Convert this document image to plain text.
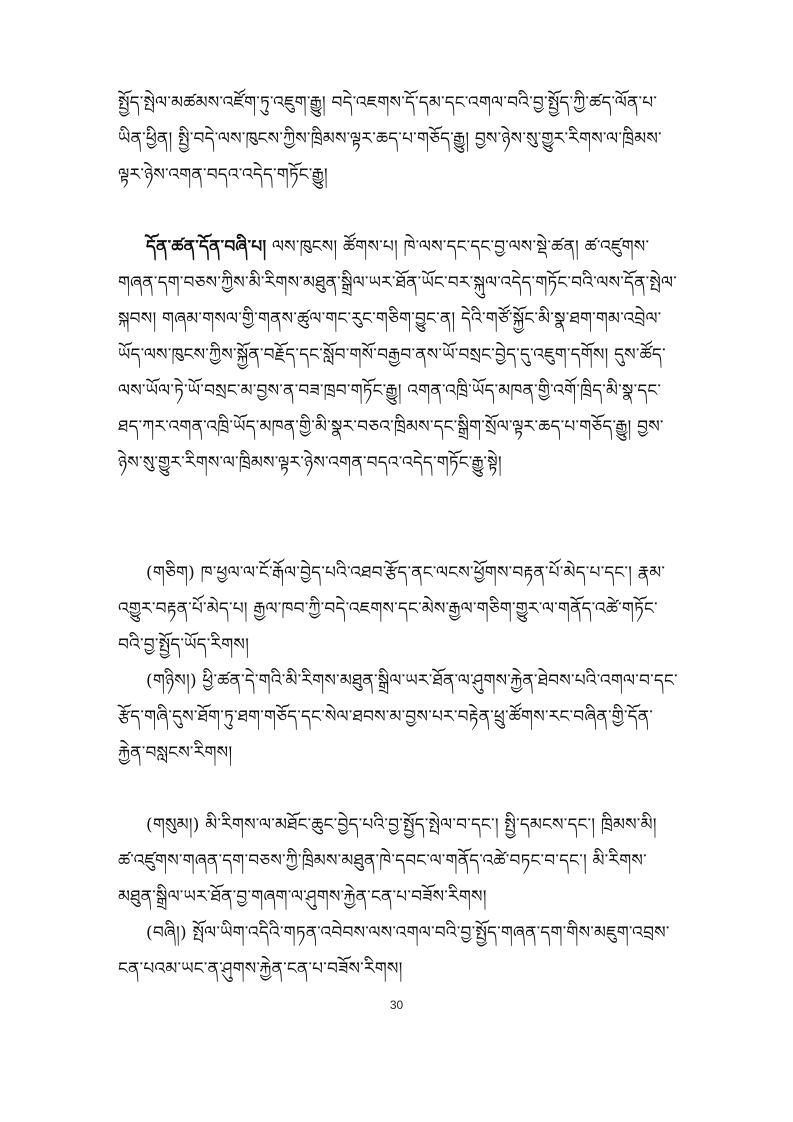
སྤྱོད་སྤེལ་མཚམས་འཛོག་ཏུ་འཇུག་རྒྱུ། བདེ་འཇགས་དོ་དམ་དང་འགལ་བའི་བྱ་སྤྱོད་ཀྱི་ཚད་ལོན་པ་ཡིན་ཕྱིན། སྤྱི་བདེ་ལས་ཁུངས་ཀྱིས་ཁྲིམས་ལྟར་ཆད་པ་གཅོད་རྒྱུ། བྱས་ཉེས་སུ་གྱུར་རིགས་ལ་ཁྲིམས་ལྟར་ཉེས་འགན་བདའ་འདེད་གཏོང་རྒྱུ།

དོན་ཚན་དོན་བཞི་པ། ལས་ཁུངས། ཚོགས་པ། ཁེ་ལས་དང་དང་བྱ་ལས་སྡེ་ཚན། ཚ་འཛུགས་གཞན་དག་བཅས་ཀྱིས་མི་རིགས་མཐུན་སྒྲིལ་ཡར་ཐོན་ཡོང་བར་སྐུལ་འདེད་གཏོང་བའི་ལས་དོན་སྤེལ་སྐབས། གཞམ་གསལ་གྱི་གནས་ཚུལ་གང་རུང་གཅིག་བྱུང་ན། དེའི་གཙོ་སྐྱོང་མི་སྣ་ཐག་གམ་འབྲེལ་ཡོད་ལས་ཁུངས་ཀྱིས་སྐྱོན་བརྗོད་དང་སློབ་གསོ་བརྒྱབ་ནས་ཡོ་བསྲང་བྱེད་དུ་འཇུག་དགོས། དུས་ཚོད་ལས་ཡོལ་ཏེ་ཡོ་བསྲང་མ་བྱས་ན་བཟ་ཁྲབ་གཏོང་རྒྱུ། འགན་འཁྲི་ཡོད་མཁན་གྱི་འགོ་ཁྲིད་མི་སྣ་དང་ཐད་ཀར་འགན་འཁྲི་ཡོད་མཁན་གྱི་མི་སྣར་བཅའ་ཁྲིམས་དང་སྒྲིག་སྲོལ་ལྟར་ཆད་པ་གཅོད་རྒྱུ། བྱས་ཉེས་སུ་གྱུར་རིགས་ལ་ཁྲིམས་ལྟར་ཉེས་འགན་བདའ་འདེད་གཏོང་རྒྱུ་སྟེ།

(གཅིག) ཁ་ཕྱལ་ལ་ངོ་རྒོལ་བྱེད་པའི་འཐབ་རྩོད་ནང་ལངས་ཕྱོགས་བརྟན་པོ་མེད་པ་དང་། རྣམ་འགྱུར་བརྟན་པོ་མེད་པ། རྒྱལ་ཁབ་ཀྱི་བདེ་འཇགས་དང་མེས་རྒྱལ་གཅིག་གྱུར་ལ་གནོད་འཚེ་གཏོང་བའི་བྱ་སྤྱོད་ཡོད་རིགས།

(གཉིས།) ཕྱི་ཚན་དེ་གའི་མི་རིགས་མཐུན་སྒྲིལ་ཡར་ཐོན་ལ་ཤུགས་རྐྱེན་ཐེབས་པའི་འགལ་བ་དང་རྩོད་གཞི་དུས་ཐོག་ཏུ་ཐག་གཅོད་དང་སེལ་ཐབས་མ་བྱས་པར་བརྟེན་ཕྲུ་ཚོགས་རང་བཞིན་གྱི་དོན་རྐྱེན་བསླངས་རིགས།

(གསུམ།) མི་རིགས་ལ་མཐོང་ཆུང་བྱེད་པའི་བྱ་སྤྱོད་སྤེལ་བ་དང་། སྤྱི་དམངས་དང་། ཁྲིམས་མི། ཚ་འཛུགས་གཞན་དག་བཅས་ཀྱི་ཁྲིམས་མཐུན་ཁེ་དབང་ལ་གནོད་འཚེ་བཏང་བ་དང་། མི་རིགས་མཐུན་སྒྲིལ་ཡར་ཐོན་བྱ་གཞག་ལ་ཤུགས་རྐྱེན་ངན་པ་བཟོས་རིགས།

(བཞི།) སྤོལ་ཡིག་འདིའི་གཏན་འབེབས་ལས་འགལ་བའི་བྱ་སྤྱོད་གཞན་དག་གིས་མཇུག་འབྲས་ངན་པའམ་ཡང་ན་ཤུགས་རྐྱེན་ངན་པ་བཟོས་རིགས།

30
